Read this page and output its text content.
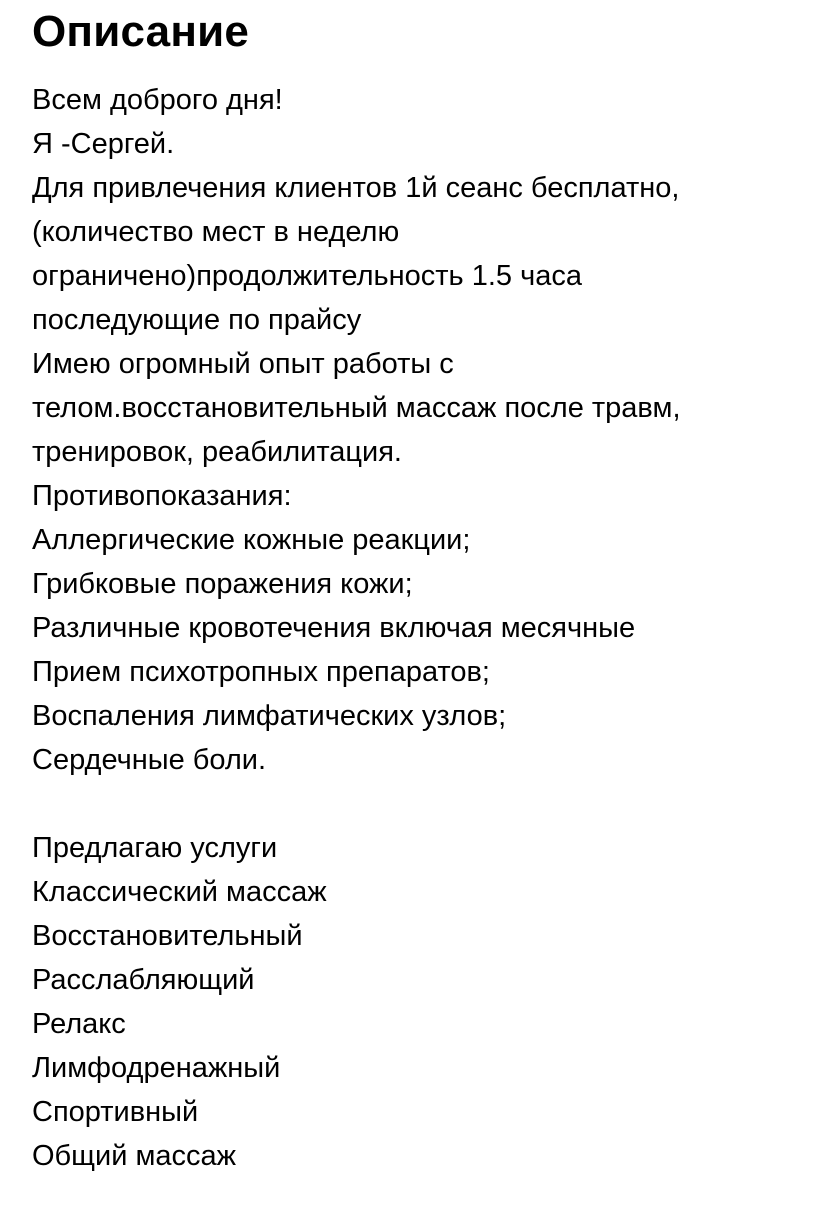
Описание
Всем доброго дня!
Я -Сергей.
Для привлечения клиентов 1й сеанс бесплатно,
(количество мест в неделю
ограничено)продолжительность 1.5 часа
последующие по прайсу
Имею огромный опыт работы с
телом.восстановительный массаж после травм,
тренировок, реабилитация.
Противопоказания:
Аллергические кожные реакции;
Грибковые поражения кожи;
Различные кровотечения включая месячные
Прием психотропных препаратов;
Воспаления лимфатических узлов;
Сердечные боли.
Предлагаю услуги
Классический массаж
Восстановительный
Расслабляющий
Релакс
Лимфодренажный
Спортивный
Общий массаж
